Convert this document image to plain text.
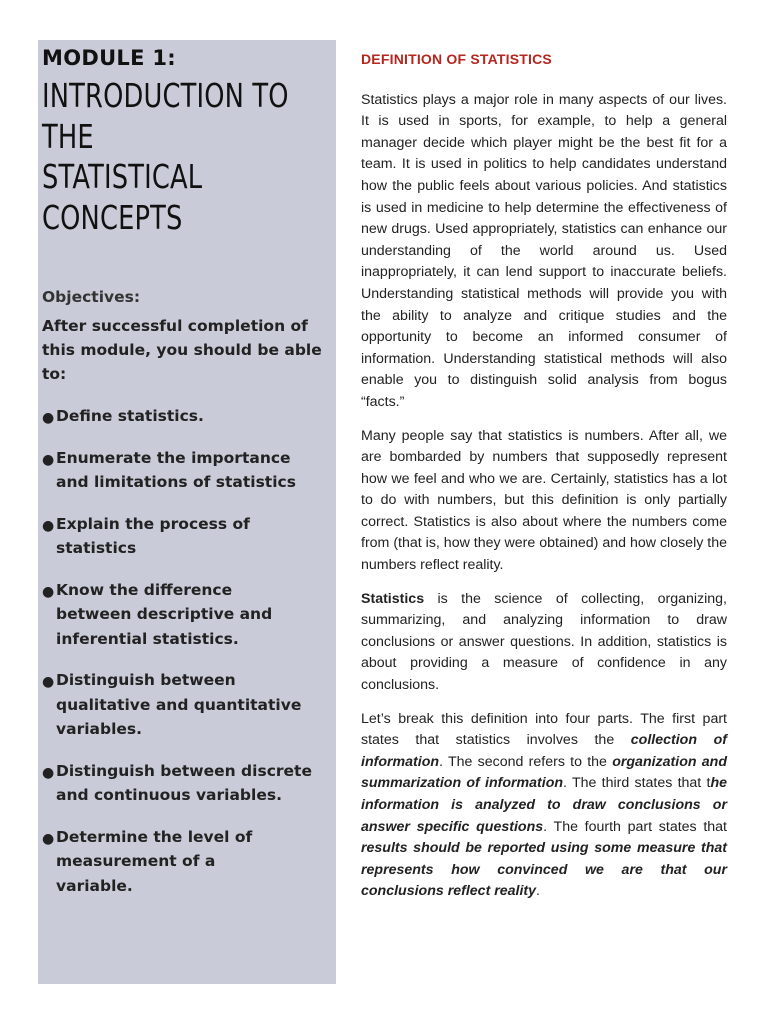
MODULE 1:
INTRODUCTION TO THE
STATISTICAL
CONCEPTS
Objectives:
After successful completion of this module, you should be able to:
● Define statistics.
● Enumerate the importance
and limitations of statistics
● Explain the process of statistics
● Know the difference
between descriptive and
inferential statistics.
● Distinguish between
qualitative and quantitative
variables.
● Distinguish between discrete
and continuous variables.
● Determine the level of
measurement of a
variable.
DEFINITION OF STATISTICS

Statistics plays a major role in many aspects of our lives. It is used in sports, for example, to help a general manager decide which player might be the best fit for a team. It is used in politics to help candidates understand how the public feels about various policies. And statistics is used in medicine to help determine the effectiveness of new drugs. Used appropriately, statistics can enhance our understanding of the world around us. Used inappropriately, it can lend support to inaccurate beliefs. Understanding statistical methods will provide you with the ability to analyze and critique studies and the opportunity to become an informed consumer of information. Understanding statistical methods will also enable you to distinguish solid analysis from bogus “facts.”

Many people say that statistics is numbers. After all, we are bombarded by numbers that supposedly represent how we feel and who we are. Certainly, statistics has a lot to do with numbers, but this definition is only partially correct. Statistics is also about where the numbers come from (that is, how they were obtained) and how closely the numbers reflect reality.

Statistics is the science of collecting, organizing, summarizing, and analyzing information to draw conclusions or answer questions. In addition, statistics is about providing a measure of confidence in any conclusions.

Let’s break this definition into four parts. The first part states that statistics involves the collection of information. The second refers to the organization and summarization of information. The third states that the information is analyzed to draw conclusions or answer specific questions. The fourth part states that results should be reported using some measure that represents how convinced we are that our conclusions reflect reality.
